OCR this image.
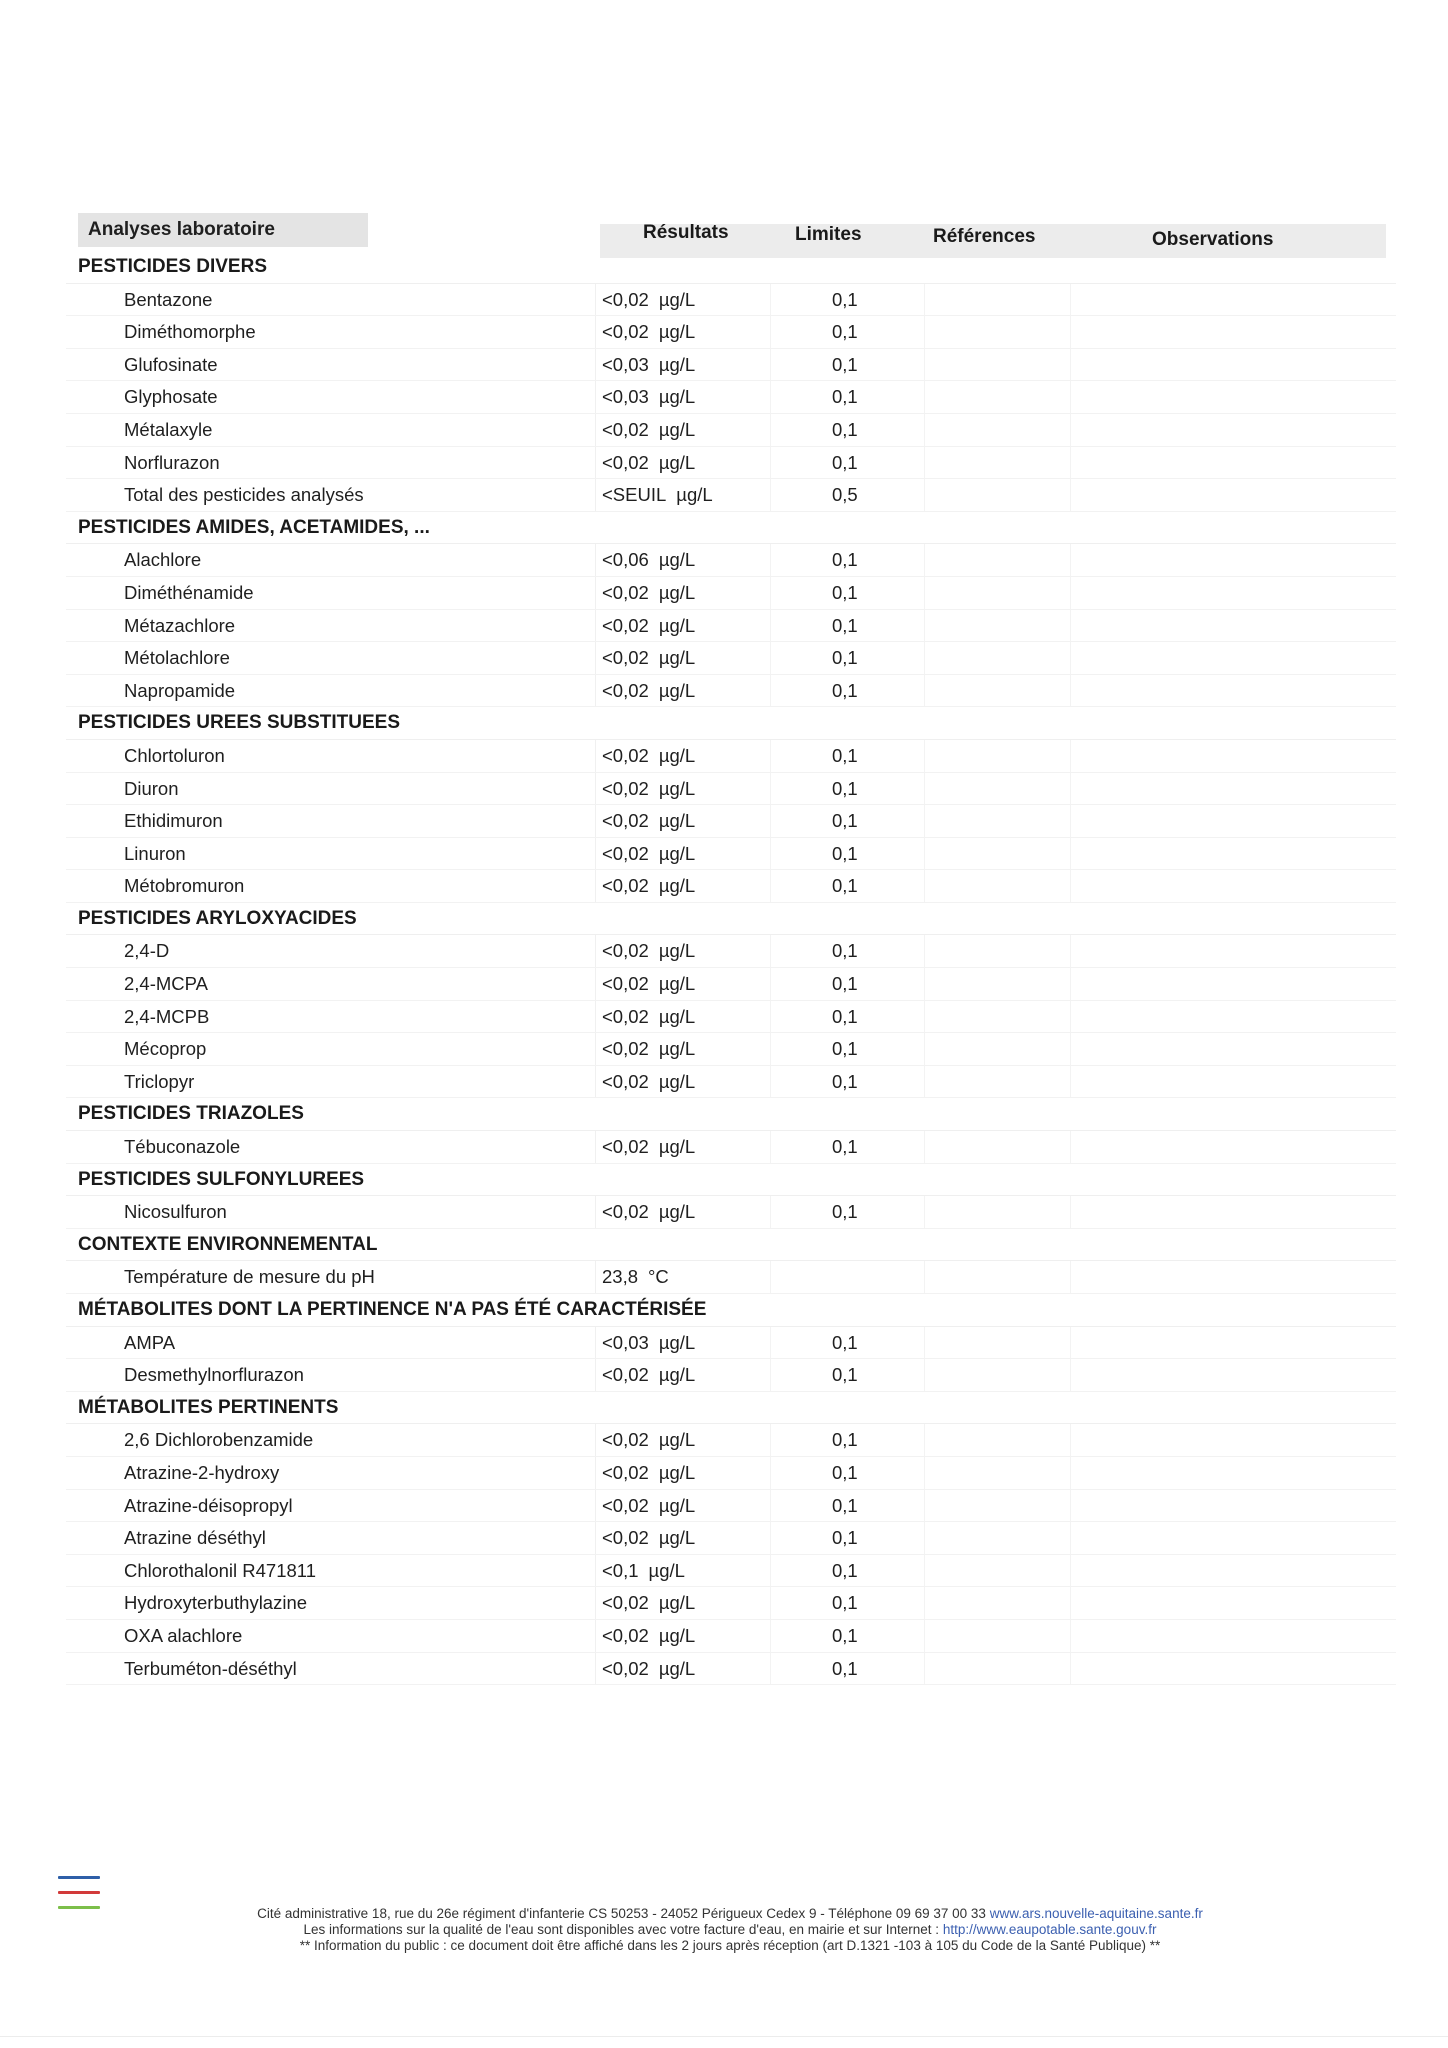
Analyses laboratoire	Résultats	Limites	Références	Observations
PESTICIDES DIVERS
Bentazone	<0,02 µg/L	0,1
Diméthomorphe	<0,02 µg/L	0,1
Glufosinate	<0,03 µg/L	0,1
Glyphosate	<0,03 µg/L	0,1
Métalaxyle	<0,02 µg/L	0,1
Norflurazon	<0,02 µg/L	0,1
Total des pesticides analysés	<SEUIL µg/L	0,5
PESTICIDES AMIDES, ACETAMIDES, ...
Alachlore	<0,06 µg/L	0,1
Diméthénamide	<0,02 µg/L	0,1
Métazachlore	<0,02 µg/L	0,1
Métolachlore	<0,02 µg/L	0,1
Napropamide	<0,02 µg/L	0,1
PESTICIDES UREES SUBSTITUEES
Chlortoluron	<0,02 µg/L	0,1
Diuron	<0,02 µg/L	0,1
Ethidimuron	<0,02 µg/L	0,1
Linuron	<0,02 µg/L	0,1
Métobromuron	<0,02 µg/L	0,1
PESTICIDES ARYLOXYACIDES
2,4-D	<0,02 µg/L	0,1
2,4-MCPA	<0,02 µg/L	0,1
2,4-MCPB	<0,02 µg/L	0,1
Mécoprop	<0,02 µg/L	0,1
Triclopyr	<0,02 µg/L	0,1
PESTICIDES TRIAZOLES
Tébuconazole	<0,02 µg/L	0,1
PESTICIDES SULFONYLUREES
Nicosulfuron	<0,02 µg/L	0,1
CONTEXTE ENVIRONNEMENTAL
Température de mesure du pH	23,8 °C
MÉTABOLITES DONT LA PERTINENCE N'A PAS ÉTÉ CARACTÉRISÉE
AMPA	<0,03 µg/L	0,1
Desmethylnorflurazon	<0,02 µg/L	0,1
MÉTABOLITES PERTINENTS
2,6 Dichlorobenzamide	<0,02 µg/L	0,1
Atrazine-2-hydroxy	<0,02 µg/L	0,1
Atrazine-déisopropyl	<0,02 µg/L	0,1
Atrazine déséthyl	<0,02 µg/L	0,1
Chlorothalonil R471811	<0,1 µg/L	0,1
Hydroxyterbuthylazine	<0,02 µg/L	0,1
OXA alachlore	<0,02 µg/L	0,1
Terbuméton-déséthyl	<0,02 µg/L	0,1
Cité administrative 18, rue du 26e régiment d'infanterie CS 50253 - 24052 Périgueux Cedex 9 - Téléphone 09 69 37 00 33 www.ars.nouvelle-aquitaine.sante.fr
Les informations sur la qualité de l'eau sont disponibles avec votre facture d'eau, en mairie et sur Internet : http://www.eaupotable.sante.gouv.fr
** Information du public : ce document doit être affiché dans les 2 jours après réception (art D.1321 -103 à 105 du Code de la Santé Publique) **
